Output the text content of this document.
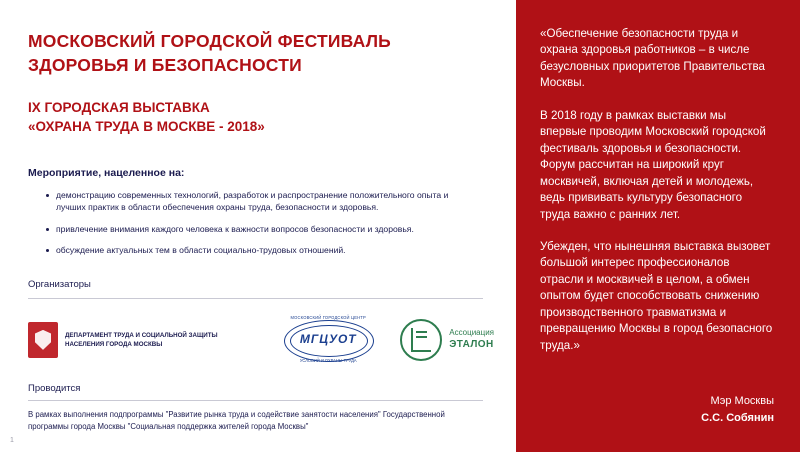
МОСКОВСКИЙ ГОРОДСКОЙ ФЕСТИВАЛЬ ЗДОРОВЬЯ И БЕЗОПАСНОСТИ
IX ГОРОДСКАЯ ВЫСТАВКА
«ОХРАНА ТРУДА В МОСКВЕ - 2018»
Мероприятие, нацеленное на:
демонстрацию современных технологий, разработок и распространение положительного опыта и лучших практик в области обеспечения охраны труда, безопасности и здоровья.
привлечение внимания каждого человека к важности вопросов безопасности и здоровья.
обсуждение актуальных тем в области социально-трудовых отношений.
Организаторы
ДЕПАРТАМЕНТ ТРУДА И СОЦИАЛЬНОЙ ЗАЩИТЫ НАСЕЛЕНИЯ ГОРОДА МОСКВЫ
МОСКОВСКИЙ ГОРОДСКОЙ ЦЕНТР
МГЦУОТ
УСЛОВИЙ И ОХРАНЫ ТРУДА
Ассоциация
ЭТАЛОН
Проводится
В рамках выполнения подпрограммы "Развитие рынка труда и содействие занятости населения" Государственной программы города Москвы "Социальная поддержка жителей города Москвы"
1

«Обеспечение безопасности труда и охрана здоровья работников – в числе безусловных приоритетов Правительства Москвы.

В 2018 году в рамках выставки мы впервые проводим Московский городской фестиваль здоровья и безопасности. Форум рассчитан на широкий круг москвичей, включая детей и молодежь, ведь прививать культуру безопасного труда важно с ранних лет.

Убежден, что нынешняя выставка вызовет большой интерес профессионалов отрасли и москвичей в целом, а обмен опытом будет способствовать снижению производственного травматизма и превращению Москвы в город безопасного труда.»

Мэр Москвы
С.С. Собянин
